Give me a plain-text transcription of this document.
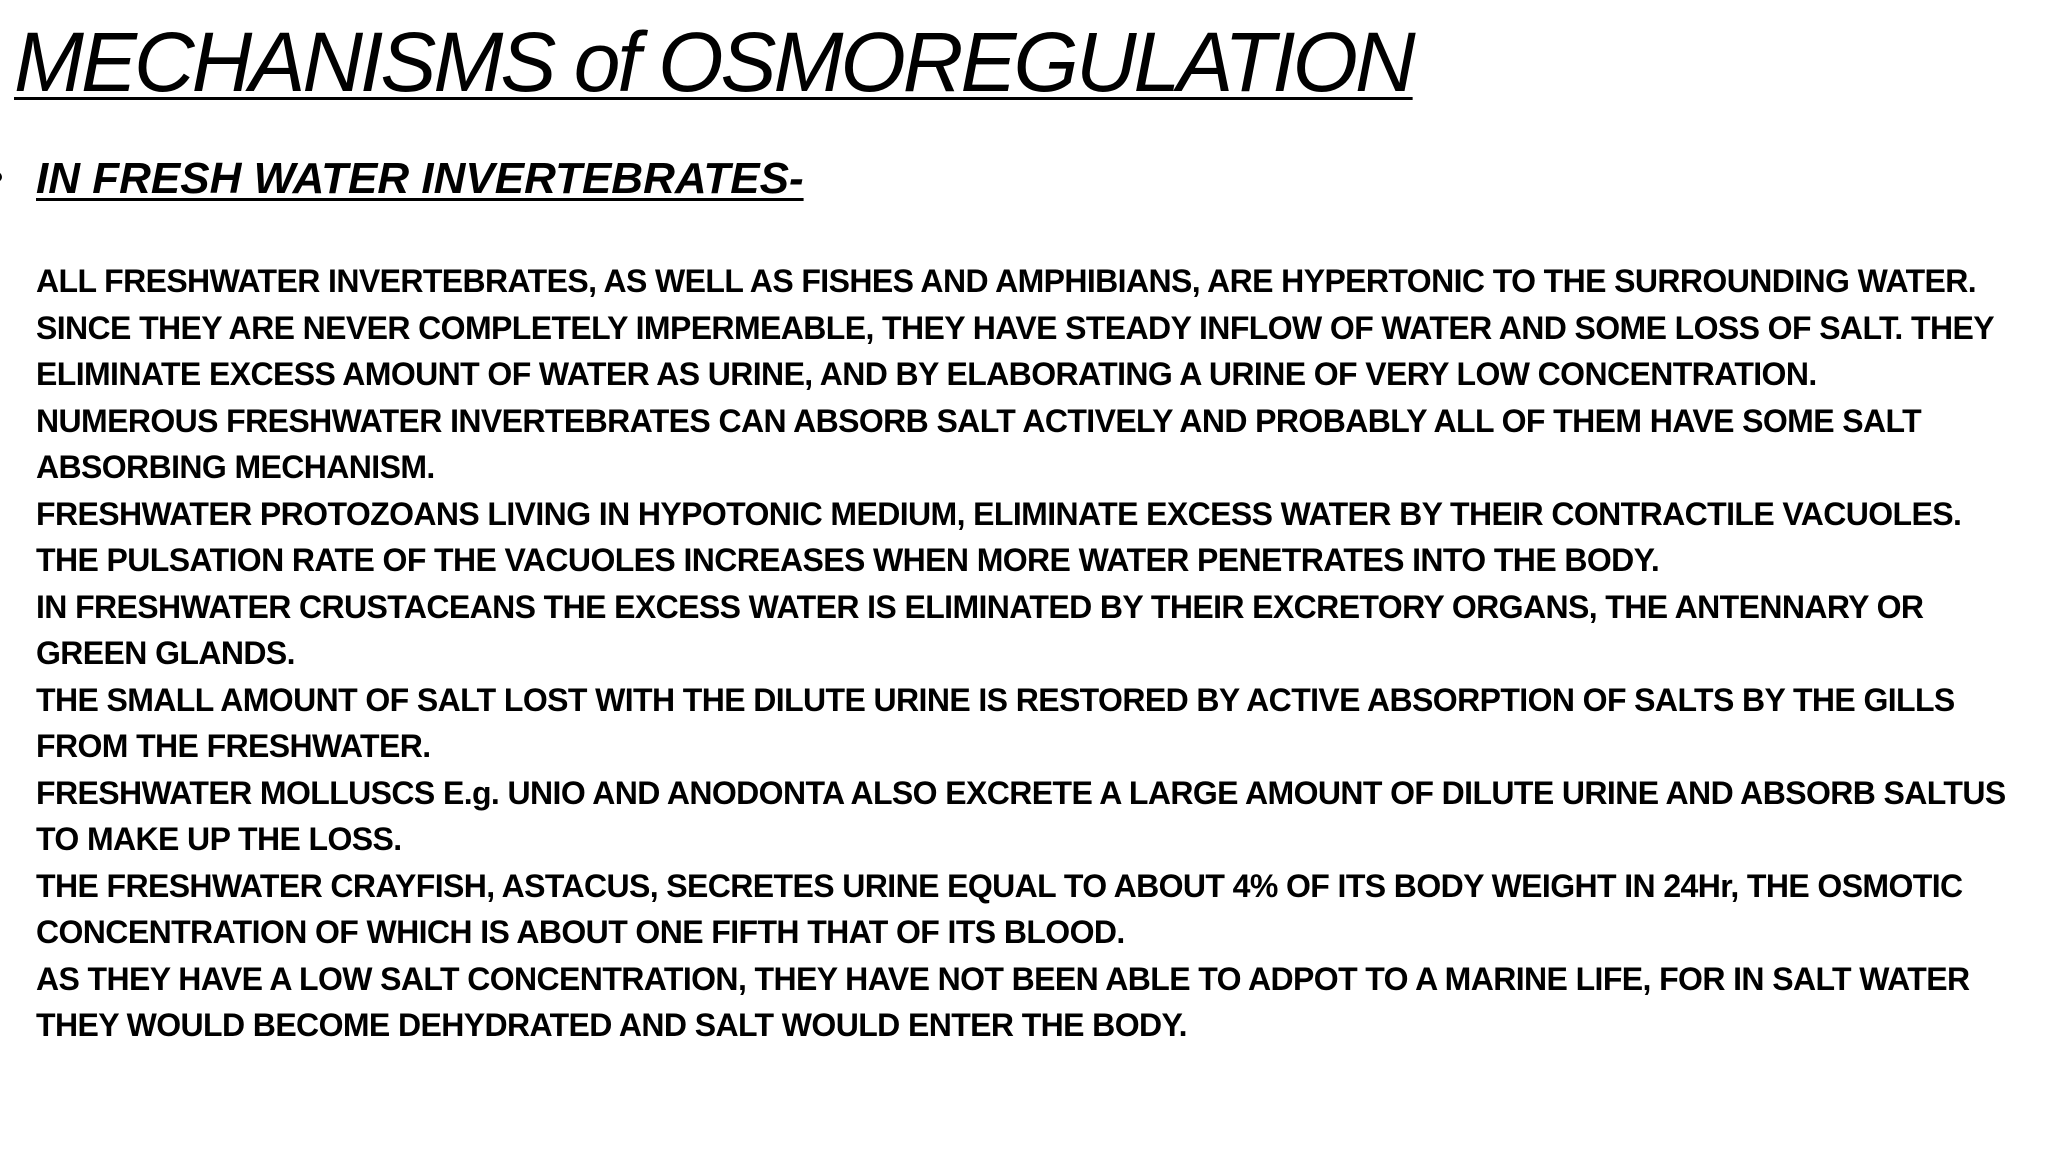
MECHANISMS of OSMOREGULATION
IN FRESH WATER INVERTEBRATES-

ALL FRESHWATER INVERTEBRATES, AS WELL AS FISHES AND AMPHIBIANS, ARE HYPERTONIC TO THE SURROUNDING WATER. SINCE THEY ARE NEVER COMPLETELY IMPERMEABLE, THEY HAVE STEADY INFLOW OF WATER AND SOME LOSS OF SALT. THEY ELIMINATE EXCESS AMOUNT OF WATER AS URINE, AND BY ELABORATING A URINE OF VERY LOW CONCENTRATION.

NUMEROUS FRESHWATER INVERTEBRATES CAN ABSORB SALT ACTIVELY AND PROBABLY ALL OF THEM HAVE SOME SALT ABSORBING MECHANISM.

FRESHWATER PROTOZOANS LIVING IN HYPOTONIC MEDIUM, ELIMINATE EXCESS WATER BY THEIR CONTRACTILE VACUOLES. THE PULSATION RATE OF THE VACUOLES INCREASES WHEN MORE WATER PENETRATES INTO THE BODY.

IN FRESHWATER CRUSTACEANS THE EXCESS WATER IS ELIMINATED BY THEIR EXCRETORY ORGANS, THE ANTENNARY OR GREEN GLANDS.

THE SMALL AMOUNT OF SALT LOST WITH THE DILUTE URINE IS RESTORED BY ACTIVE ABSORPTION OF SALTS BY THE GILLS FROM THE FRESHWATER.

FRESHWATER MOLLUSCS E.g. UNIO AND ANODONTA ALSO EXCRETE A LARGE AMOUNT OF DILUTE URINE AND ABSORB SALTUS TO MAKE UP THE LOSS.

THE FRESHWATER CRAYFISH, ASTACUS, SECRETES URINE EQUAL TO ABOUT 4% OF ITS BODY WEIGHT IN 24Hr, THE OSMOTIC CONCENTRATION OF WHICH IS ABOUT ONE FIFTH THAT OF ITS BLOOD.

AS THEY HAVE A LOW SALT CONCENTRATION, THEY HAVE NOT BEEN ABLE TO ADPOT TO A MARINE LIFE, FOR IN SALT WATER THEY WOULD BECOME DEHYDRATED AND SALT WOULD ENTER THE BODY.
